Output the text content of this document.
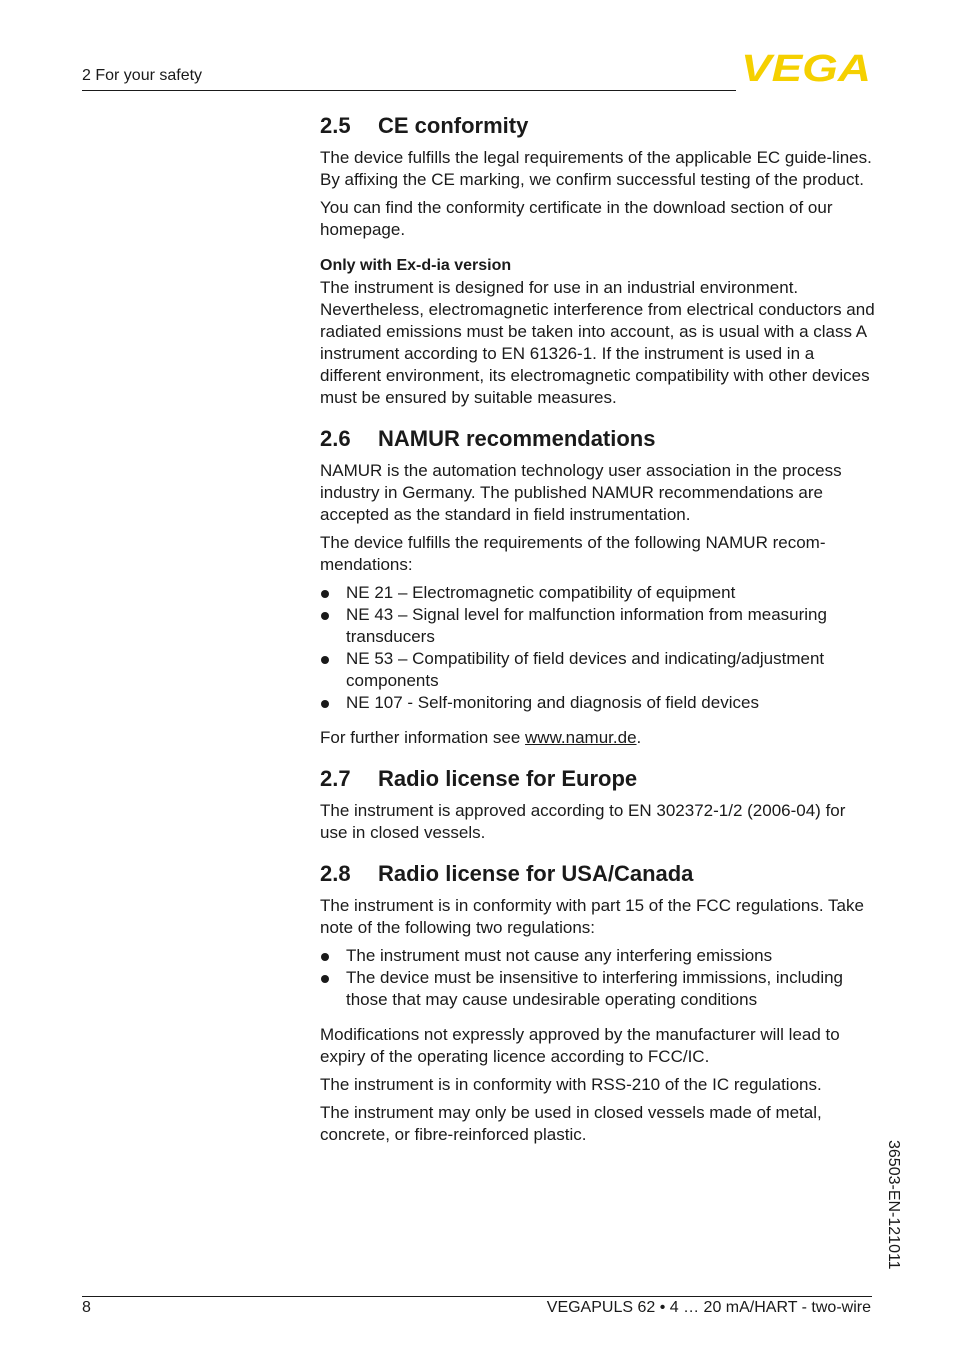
2 For your safety	VEGA
2.5 CE conformity

The device fulfills the legal requirements of the applicable EC guide-lines. By affixing the CE marking, we confirm successful testing of the product.

You can find the conformity certificate in the download section of our homepage.

Only with Ex-d-ia version

The instrument is designed for use in an industrial environment. Nevertheless, electromagnetic interference from electrical conductors and radiated emissions must be taken into account, as is usual with a class A instrument according to EN 61326-1. If the instrument is used in a different environment, its electromagnetic compatibility with other devices must be ensured by suitable measures.

2.6 NAMUR recommendations

NAMUR is the automation technology user association in the process industry in Germany. The published NAMUR recommendations are accepted as the standard in field instrumentation.

The device fulfills the requirements of the following NAMUR recom-mendations:

NE 21 – Electromagnetic compatibility of equipment
NE 43 – Signal level for malfunction information from measuring transducers
NE 53 – Compatibility of field devices and indicating/adjustment components
NE 107 - Self-monitoring and diagnosis of field devices

For further information see www.namur.de.

2.7 Radio license for Europe

The instrument is approved according to EN 302372-1/2 (2006-04) for use in closed vessels.

2.8 Radio license for USA/Canada

The instrument is in conformity with part 15 of the FCC regulations. Take note of the following two regulations:

The instrument must not cause any interfering emissions
The device must be insensitive to interfering immissions, including those that may cause undesirable operating conditions

Modifications not expressly approved by the manufacturer will lead to expiry of the operating licence according to FCC/IC.

The instrument is in conformity with RSS-210 of the IC regulations.

The instrument may only be used in closed vessels made of metal, concrete, or fibre-reinforced plastic.

36503-EN-121011
8	VEGAPULS 62 • 4 … 20 mA/HART - two-wire
